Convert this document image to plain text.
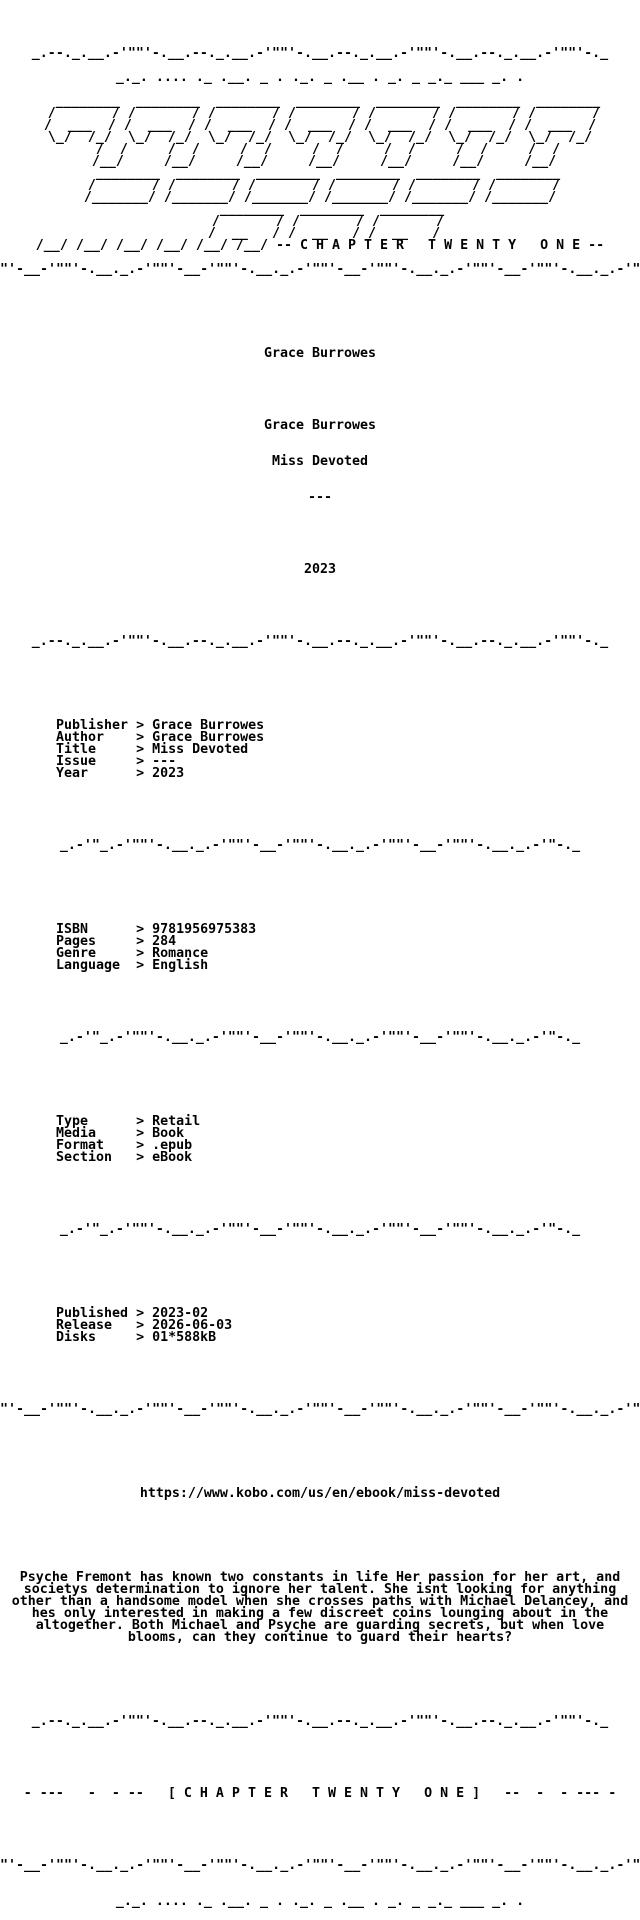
_.--._.__.-'""'-.__.--._.__.-'""'-.__.--._.__.-'""'-.__.--._.__.-'""'-._
_._. .... ._ .__. _ . ._. _ .__ . _. _ _._ ___ _. .
________  ________  ________  ________  ________  ________  ________
/       / /       / /       / /       / /       / /       / /       /
/  ___  / /  ___  / /  ___  / /  ___  / /  ___  / /  ___  / /  ___  /
\_/  /_/  \_/  /_/  \_/  /_/  \_/  /_/  \_/  /_/  \_/  /_/  \_/  /_/
/  /     /  /     /  /     /  /     /  /     /  /     /  /
/__/     /__/     /__/     /__/     /__/     /__/     /__/
________  ________  ________  ________  ________  ________
/       / /       / /       / /       / /       / /       /
/_______/ /_______/ /_______/ /_______/ /_______/ /_______/
________  ________  ________
/       / /       / /       /
/  __   / /  __   / /  __   /
/__/ /__/ /__/ /__/ /__/ /__/ -- C H A P T E R   T W E N T Y   O N E --
"'-__-'""'-.__._.-'""'-__-'""'-.__._.-'""'-__-'""'-.__._.-'""'-__-'""'-.__._.-'"

Grace Burrowes

Grace Burrowes

Miss Devoted

---

2023

_.--._.__.-'""'-.__.--._.__.-'""'-.__.--._.__.-'""'-.__.--._.__.-'""'-._

Publisher > Grace Burrowes
Author    > Grace Burrowes
Title     > Miss Devoted
Issue     > ---
Year      > 2023

_.-'"_.-'""'-.__._.-'""'-__-'""'-.__._.-'""'-__-'""'-.__._.-'"-._

ISBN      > 9781956975383
Pages     > 284
Genre     > Romance
Language  > English

_.-'"_.-'""'-.__._.-'""'-__-'""'-.__._.-'""'-__-'""'-.__._.-'"-._

Type      > Retail
Media     > Book
Format    > .epub
Section   > eBook

_.-'"_.-'""'-.__._.-'""'-__-'""'-.__._.-'""'-__-'""'-.__._.-'"-._

Published > 2023-02
Release   > 2026-06-03
Disks     > 01*588kB

"'-__-'""'-.__._.-'""'-__-'""'-.__._.-'""'-__-'""'-.__._.-'""'-__-'""'-.__._.-'"

https://www.kobo.com/us/en/ebook/miss-devoted

Psyche Fremont has known two constants in life Her passion for her art, and
societys determination to ignore her talent. She isnt looking for anything
other than a handsome model when she crosses paths with Michael Delancey, and
hes only interested in making a few discreet coins lounging about in the
altogether. Both Michael and Psyche are guarding secrets, but when love
blooms, can they continue to guard their hearts?

_.--._.__.-'""'-.__.--._.__.-'""'-.__.--._.__.-'""'-.__.--._.__.-'""'-._

- ---   -  - --   [ C H A P T E R   T W E N T Y   O N E ]   --  -  - --- -

"'-__-'""'-.__._.-'""'-__-'""'-.__._.-'""'-__-'""'-.__._.-'""'-__-'""'-.__._.-'"

_._. .... ._ .__. _ . ._. _ .__ . _. _ _._ ___ _. .
